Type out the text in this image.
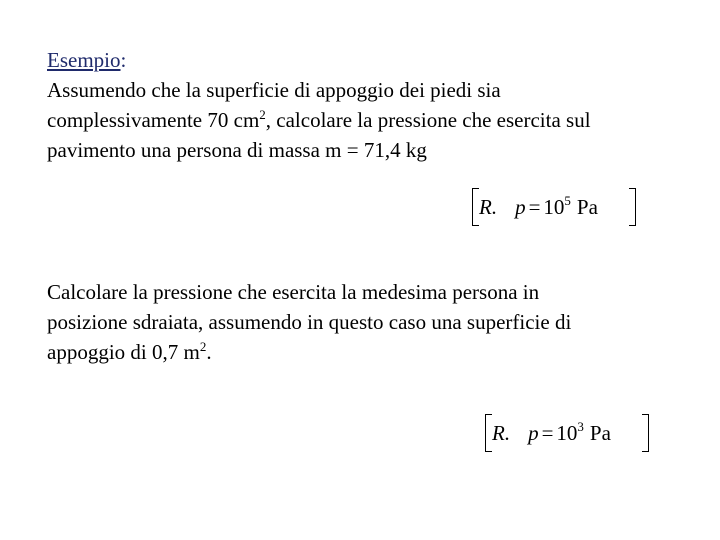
Esempio:
Assumendo che la superficie di appoggio dei piedi sia
complessivamente 70 $cm^2$, calcolare la pressione che esercita sul
pavimento una persona di massa m = 71,4 kg
R. p = 10 5 Pa
Calcolare la pressione che esercita la medesima persona in
posizione sdraiata, assumendo in questo caso una superficie di
appoggio di 0,7 $m^2$.
R. p = 10 3 Pa
